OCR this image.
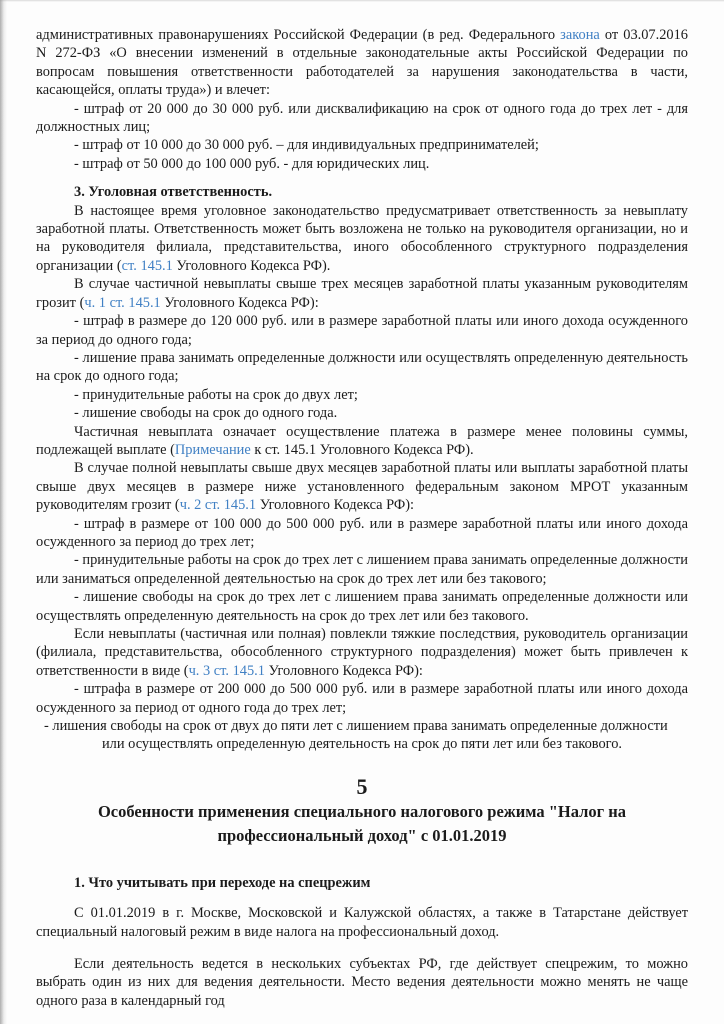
административных правонарушениях Российской Федерации (в ред. Федерального закона от 03.07.2016 N 272-ФЗ «О внесении изменений в отдельные законодательные акты Российской Федерации по вопросам повышения ответственности работодателей за нарушения законодательства в части, касающейся, оплаты труда») и влечет:

- штраф от 20 000 до 30 000 руб. или дисквалификацию на срок от одного года до трех лет - для должностных лиц;

- штраф от 10 000 до 30 000 руб. – для индивидуальных предпринимателей;

- штраф от 50 000 до 100 000 руб. - для юридических лиц.

3. Уголовная ответственность.

В настоящее время уголовное законодательство предусматривает ответственность за невыплату заработной платы. Ответственность может быть возложена не только на руководителя организации, но и на руководителя филиала, представительства, иного обособленного структурного подразделения организации (ст. 145.1 Уголовного Кодекса РФ).

В случае частичной невыплаты свыше трех месяцев заработной платы указанным руководителям грозит (ч. 1 ст. 145.1 Уголовного Кодекса РФ):

- штраф в размере до 120 000 руб. или в размере заработной платы или иного дохода осужденного за период до одного года;

- лишение права занимать определенные должности или осуществлять определенную деятельность на срок до одного года;

- принудительные работы на срок до двух лет;

- лишение свободы на срок до одного года.

Частичная невыплата означает осуществление платежа в размере менее половины суммы, подлежащей выплате (Примечание к ст. 145.1 Уголовного Кодекса РФ).

В случае полной невыплаты свыше двух месяцев заработной платы или выплаты заработной платы свыше двух месяцев в размере ниже установленного федеральным законом МРОТ указанным руководителям грозит (ч. 2 ст. 145.1 Уголовного Кодекса РФ):

- штраф в размере от 100 000 до 500 000 руб. или в размере заработной платы или иного дохода осужденного за период до трех лет;

- принудительные работы на срок до трех лет с лишением права занимать определенные должности или заниматься определенной деятельностью на срок до трех лет или без такового;

- лишение свободы на срок до трех лет с лишением права занимать определенные должности или осуществлять определенную деятельность на срок до трех лет или без такового.

Если невыплаты (частичная или полная) повлекли тяжкие последствия, руководитель организации (филиала, представительства, обособленного структурного подразделения) может быть привлечен к ответственности в виде (ч. 3 ст. 145.1 Уголовного Кодекса РФ):

- штрафа в размере от 200 000 до 500 000 руб. или в размере заработной платы или иного дохода осужденного за период от одного года до трех лет;

- лишения свободы на срок от двух до пяти лет с лишением права занимать определенные должности

или осуществлять определенную деятельность на срок до пяти лет или без такового.

5
Особенности применения специального налогового режима "Налог на профессиональный доход" с 01.01.2019

1. Что учитывать при переходе на спецрежим

С 01.01.2019 в г. Москве, Московской и Калужской областях, а также в Татарстане действует специальный налоговый режим в виде налога на профессиональный доход.

Если деятельность ведется в нескольких субъектах РФ, где действует спецрежим, то можно выбрать один из них для ведения деятельности. Место ведения деятельности можно менять не чаще одного раза в календарный год
